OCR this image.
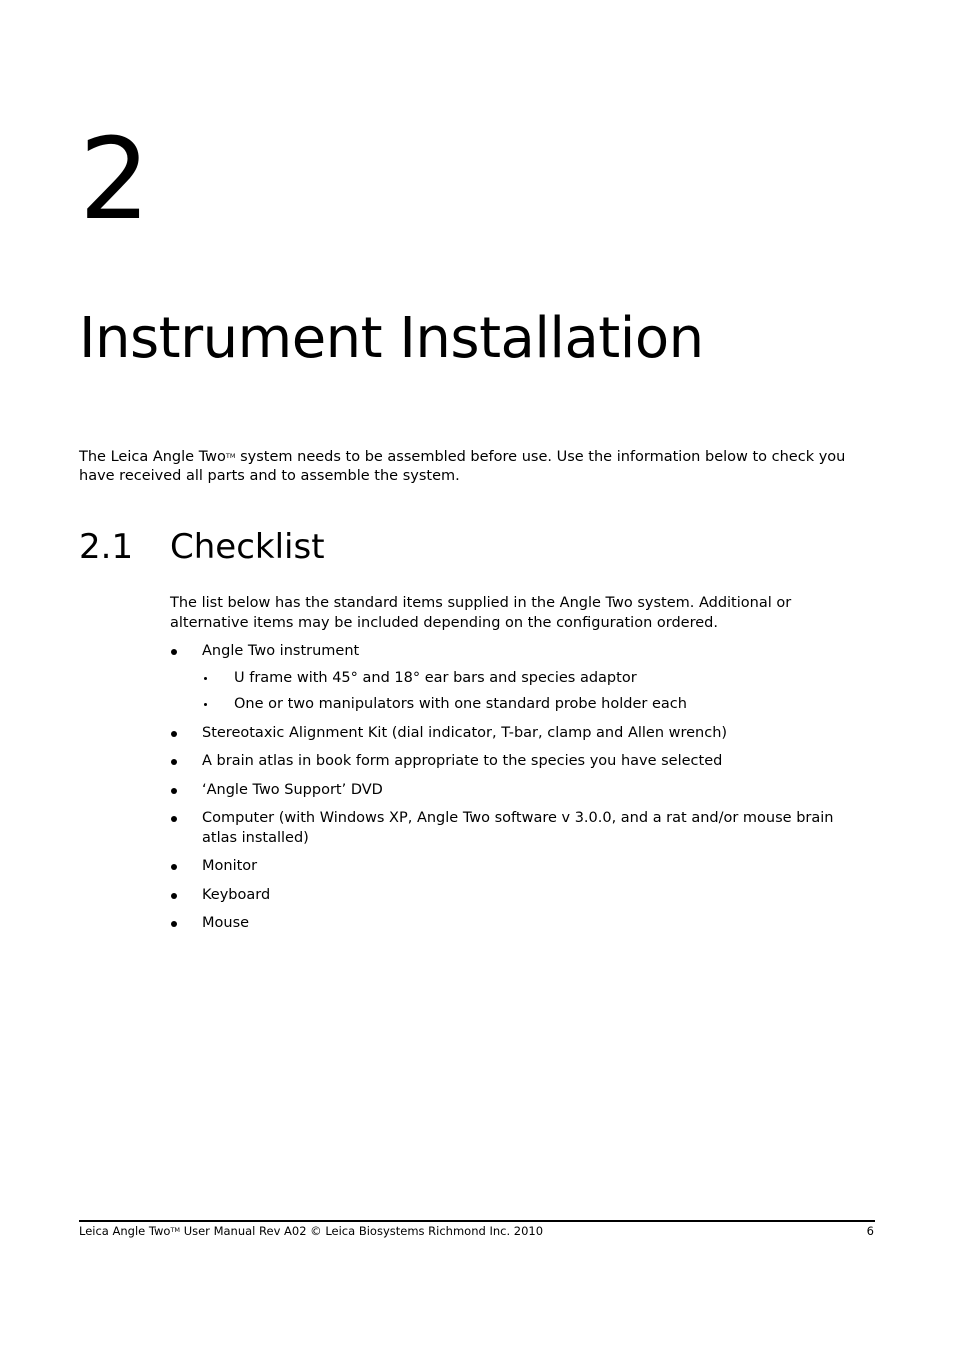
2
Instrument Installation

The Leica Angle Two™ system needs to be assembled before use. Use the information below to check you have received all parts and to assemble the system.

2.1 Checklist

The list below has the standard items supplied in the Angle Two system. Additional or alternative items may be included depending on the configuration ordered.

Angle Two instrument
U frame with 45° and 18° ear bars and species adaptor
One or two manipulators with one standard probe holder each
Stereotaxic Alignment Kit (dial indicator, T-bar, clamp and Allen wrench)
A brain atlas in book form appropriate to the species you have selected
‘Angle Two Support’ DVD
Computer (with Windows XP, Angle Two software v 3.0.0, and a rat and/or mouse brain atlas installed)
Monitor
Keyboard
Mouse
Leica Angle Two™ User Manual Rev A02 © Leica Biosystems Richmond Inc. 2010	6
